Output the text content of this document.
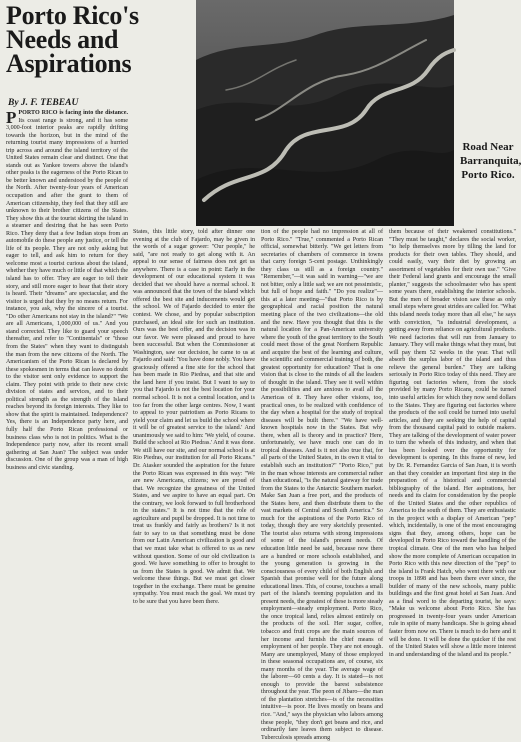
Porto Rico's Needs and Aspirations
By J. F. TEBEAU

Road Near Barranquita, Porto Rico.

PPORTO RICO is facing into the distance. Its coast range is strong, and it has some 3,000-foot interior peaks are rapidly drifting towards the horizon, but in the mind of the returning tourist many impressions of a hurried trip across and around the island territory of the United States remain clear and distinct. One that stands out as Yankee towers above the island's other peaks is the eagerness of the Porto Rican to be better known and understood by the people of the North. After twenty-four years of American occupation and after the grant to them of American citizenship, they feel that they still are unknown to their brother citizens of the States. They show this at the tourist skirting the island in a steamer and desiring that he has seen Porto Rico. They deny that a few Indian stops from an automobile do these people any justice, or tell the life of its people. They are not only asking but eager to tell, and ask him to return for they welcome most a tourist curious about the island, whether they have much or little of that which the island has to offer. They are eager to tell their story, and still more eager to hear that their story is heard. Their "dreams" are spectacular, and the visitor is urged that they by no means return. For instance, you ask, why the sincere of a tourist. "Do other Americans not stay in the island?" "We are all Americans, 1,000,000 of us." And you stand corrected. They like to guard your speech thereafter, and refer to "Continentals" or "those from the States" when they want to distinguish the man from the new citizens of the North. The Americanism of the Porto Rican is declared by these spokesmen in terms that can leave no doubt to the visitor sent only evidence to support the claim. They point with pride to their new civic division of states and services, and to their political strength as the strength of the Island reaches beyond its foreign interests. They like to show that the spirit is maintained. Independence? Yes, there is an Independence party here, and fully half the Porto Rican professional or business class who is not in politics. What is the Independence party now, after its recent small gathering at San Juan? The subject was under discussion. One of the group was a man of high business and civic standing.
States, this little story, told after dinner one evening at the club of Fajardo, may be given in the words of a sugar grower: "Our people," he said, "are not ready to get along with it. An appeal to our sense of fairness does not get us anywhere. There is a case in point: Early in the development of our educational system it was decided that we should have a normal school. It was announced that the town of the island which offered the best site and inducements would get the school. We of Fajardo decided to enter the contest. We chose, and by popular subscription purchased, an ideal site for such an institution. Ours was the best offer, and the decision was in our favor. We were pleased and proud to have been successful. But when the Commissioner at Washington, saw our decision, he came to us at Fajardo and said: 'You have done nobly. You have graciously offered a fine site for the school that has been made in Rio Piedras, and that site and the land here if you insist. But I want to say to you that Fajardo is not the best location for your normal school. It is not a central location, and is too far from the other large centres. Now, I want to appeal to your patriotism as Porto Ricans to yield your claim and let us build the school where it will be of greatest service to the island.' And unanimously we said to him: 'We yield, of course. Build the school at Rio Piedras.' And it was done. We still have our site, and our normal school is at Rio Piedras, our institution for all Porto Ricans." Dr. Atasker sounded the aspiration for the future the Porto Rican was expressed in this way: "We are new Americans, citizens; we are proud of that. We recognize the greatness of the United States, and we aspire to have an equal part. On the contrary, we look forward to full brotherhood in the states." It is not time that the role of agriculture and pupil be dropped. It is not time to treat us frankly and fairly as brothers? Is it not fair to say to us that something must be done from our Latin American civilization is good and that we must take what is offered to us as new without question. Some of our old civilization is good. We have something to offer to brought to us from the States is good. We admit that. We welcome these things. But we must get closer together in the exchange. There must be genuine sympathy. You must reach the goal. We must try to be sure that you have been there.
tion of the people had no impression at all of Porto Rico." "True," commented a Porto Rican official, somewhat bitterly. "We get letters from secretaries of chambers of commerce in towns that carry foreign 5-cent postage. Unthinkingly they class us still as a foreign country." "Remember,"—it was said in warning—"we are not bitter, only a little sad; we are not pessimistic, but full of hope and faith." "Do you realize"—this at a later meeting—"that Porto Rico is by geographical and racial position the natural meeting place of the two civilizations—the old and the new. Have you thought that this is the natural location for a Pan-American university where the youth of the great territory to the South could meet those of the great Northern Republic and acquire the best of the learning and culture, the scientific and commercial training of both, the greatest opportunity for education? That is one vision that is close to the minds of all the leaders of thought in the island. They see it well within the possibilities and are anxious to avail all the Americas of it. They have other visions, too, practical ones, to be realized with confidence of the day when a hospital for the study of tropical diseases will be built there." "We have well-known hospitals now in the States. But why there, when all is theory and in practice? Here, unfortunately, we have much one can do in tropical diseases. And is it not also true that, for all parts of the United States, in its own it vital to establish such an institution?" "Porto Rico," put in the man whose interests are commercial rather than educational, "is the natural gateway for trade from the States to the Antarctic Southern market. Make San Juan a free port, and the products of the States here, and then distribute them to the vast markets of Central and South America." So much for the aspirations of the Porto Rico of today, though they are very sketchily presented. The tourist also returns with strong impressions of some of the island's present needs. Of education little need be said, because now there are a hundred or more schools established, and the young generation is growing in the consciousness of every child of both English and Spanish that promise well for the future along educational lines. This, of course, touches a small part of the island's teeming population and its present needs, the greatest of these is more steady employment—steady employment. Porto Rico, the once tropical land, relies almost entirely on the products of the soil. Her sugar, coffee, tobacco and fruit crops are the main sources of her income and furnish the chief means of employment of her people. They are not enough. Many are unemployed, Many of those employed in these seasonal occupations are, of course, six many months of the year. The average wage of the laborer—60 cents a day. It is stated—is not enough to provide the barest subsistence throughout the year. The peon of Jibaro—the man of the plantation stretches—is of the necessities intuitive—is poor. He lives mostly on beans and rice. "And," says the physician who labors among these people, "they don't get beans and rice, and ordinarily fare leaves them subject to disease. Tuberculosis spreads among
them because of their weakened constitutions." "They must be taught," declares the social worker, "to help themselves more by tilling the land for products for their own tables. They should, and could easily, vary their diet by growing an assortment of vegetables for their own use." "Give their Federal land grants and encourage the small planter," suggests the schoolmaster who has spent some years there, establishing the interior schools. But the men of broader vision saw these as only small steps where great strides are called for. "What this island needs today more than all else," he says with conviction, "is industrial development, a getting away from reliance on agricultural products. We need factories that will run from January to January. They will make things what they must, but will pay them 52 weeks in the year. That will absorb the surplus labor of the island and thus relieve the general burden." They are talking seriously in Porto Rico today of this need. They are figuring out factories where, from the stock provided by many Porto Ricans, could be turned into useful articles for which they now send dollars to the States. They are figuring out factories where the products of the soil could be turned into useful articles, and they are seeking the help of capital from the thousand capital paid to outside makers. They are talking of the development of water power to turn the wheels of this industry, and when that has been looked over the opportunity for development is opening. In this frame of new, led by Dr. R. Fernandez Garcia of San Juan, it is worth an that they consider an important first step in the preparation of a historical and commercial bibliography of the island. Her aspirations, her needs and its claim for consideration by the people of the United States and the other republics of America to the south of them. They are enthusiastic in the project with a display of American "pep" which, incidentally, is one of the most encouraging signs that they, among others, hope can be developed in Porto Rico toward the handling of the tropical climate. One of the men who has helped show the more complete of American occupation in Porto Rico with this new direction of the "pep" to the island is Frank Hatch, who went there with our troops in 1898 and has been there ever since, the builder of many of the new schools, many public buildings and the first great hotel at San Juan. And as a final word to the departing tourist, he says: "Make us welcome about Porto Rico. She has progressed in twenty-four years under American rule in spite of many handicaps. She is going ahead faster from now on. There is much to do here and it will be done. It will be done the quicker if the rest of the United States will show a little more interest in and understanding of the island and its people."
